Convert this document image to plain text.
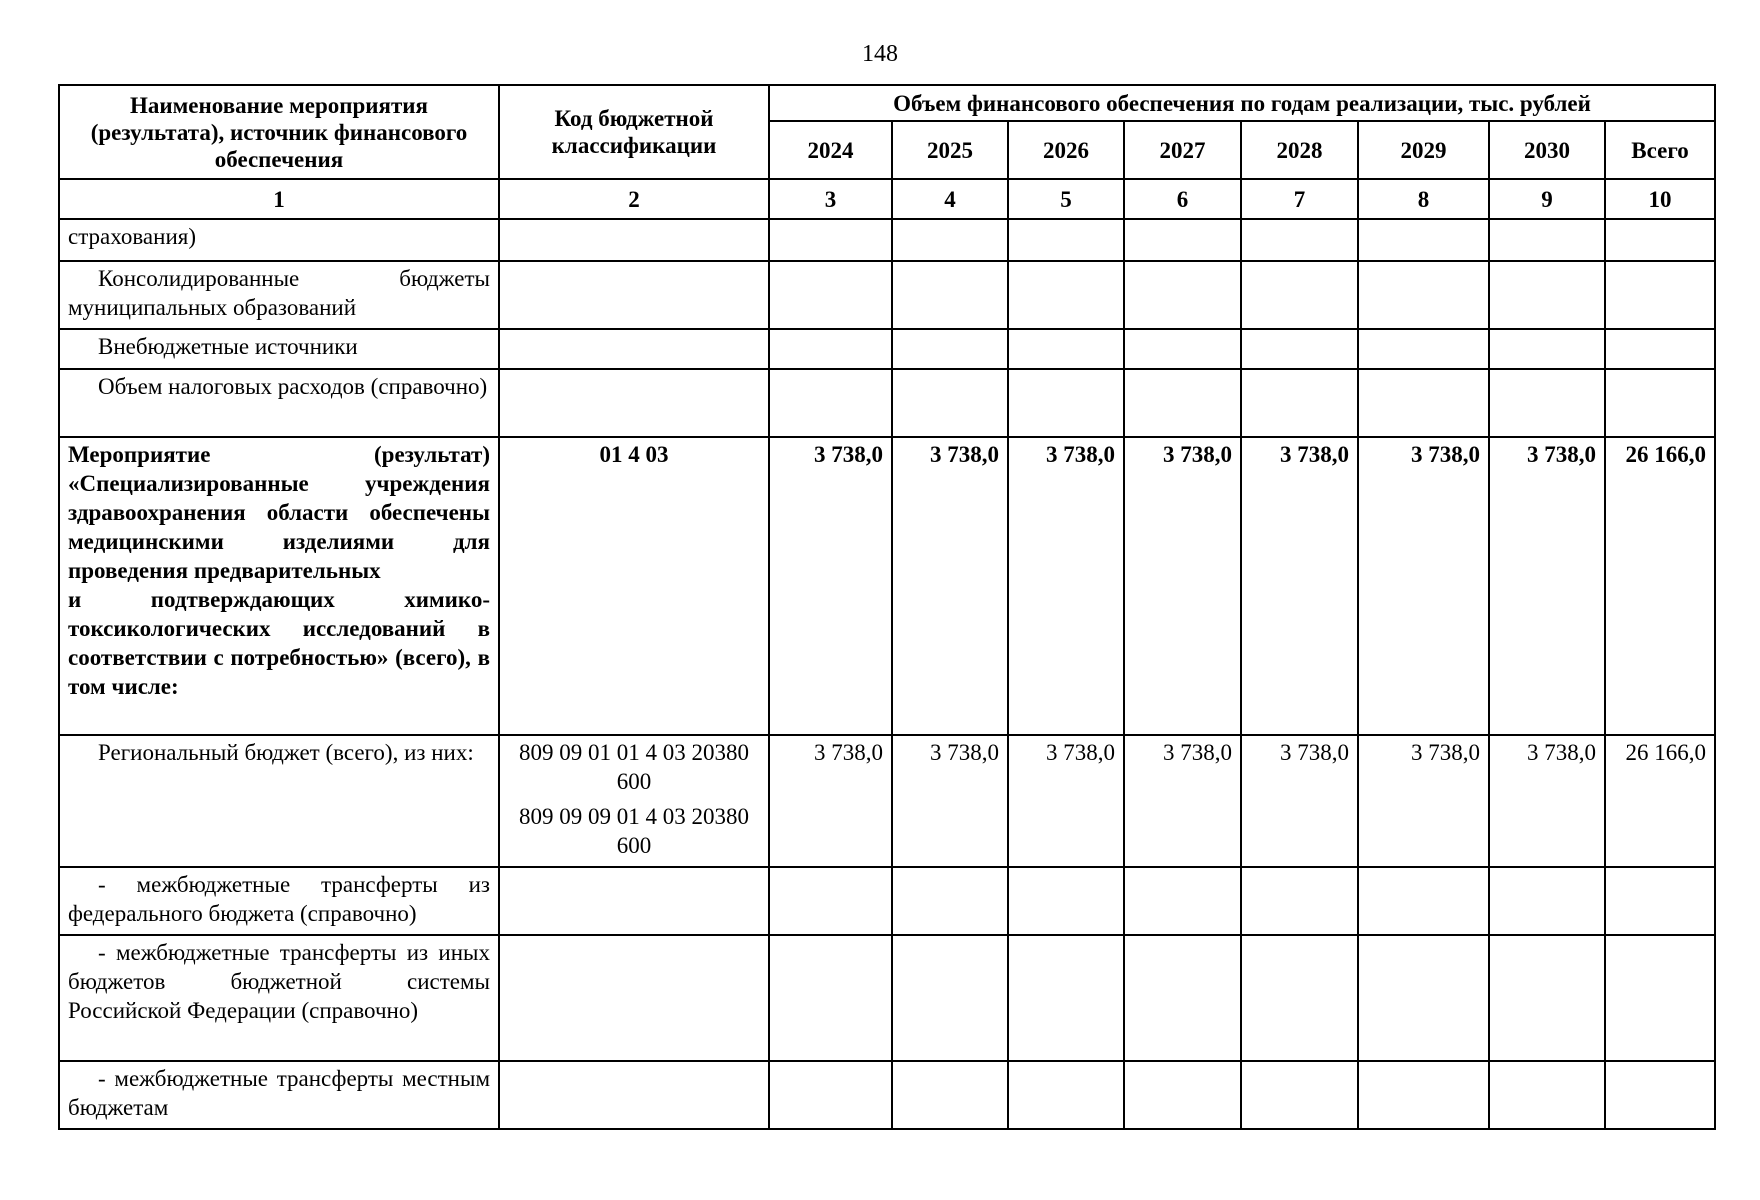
148
Наименование мероприятия (результата), источник финансового обеспечения	Код бюджетной классификации	Объем финансового обеспечения по годам реализации, тыс. рублей							
		2024	2025	2026	2027	2028	2029	2030	Всего
1	2	3	4	5	6	7	8	9	10
страхования)									
Консолидированные бюджеты муниципальных образований									
Внебюджетные источники									
Объем налоговых расходов (справочно)									

Мероприятие (результат) «Специализированные учреждения здравоохранения области обеспечены медицинскими изделиями для проведения предварительных
и подтверждающих химико-токсикологических исследований в соответствии с потребностью» (всего), в том числе:	01 4 03	3 738,0	3 738,0	3 738,0	3 738,0	3 738,0	3 738,0	3 738,0	26 166,0
Региональный бюджет (всего), из них:	809 09 01 01 4 03 20380
600
809 09 09 01 4 03 20380
600	3 738,0	3 738,0	3 738,0	3 738,0	3 738,0	3 738,0	3 738,0	26 166,0
- межбюджетные трансферты из федерального бюджета (справочно)									
- межбюджетные трансферты из иных бюджетов бюджетной системы Российской Федерации (справочно)									
- межбюджетные трансферты местным бюджетам									
